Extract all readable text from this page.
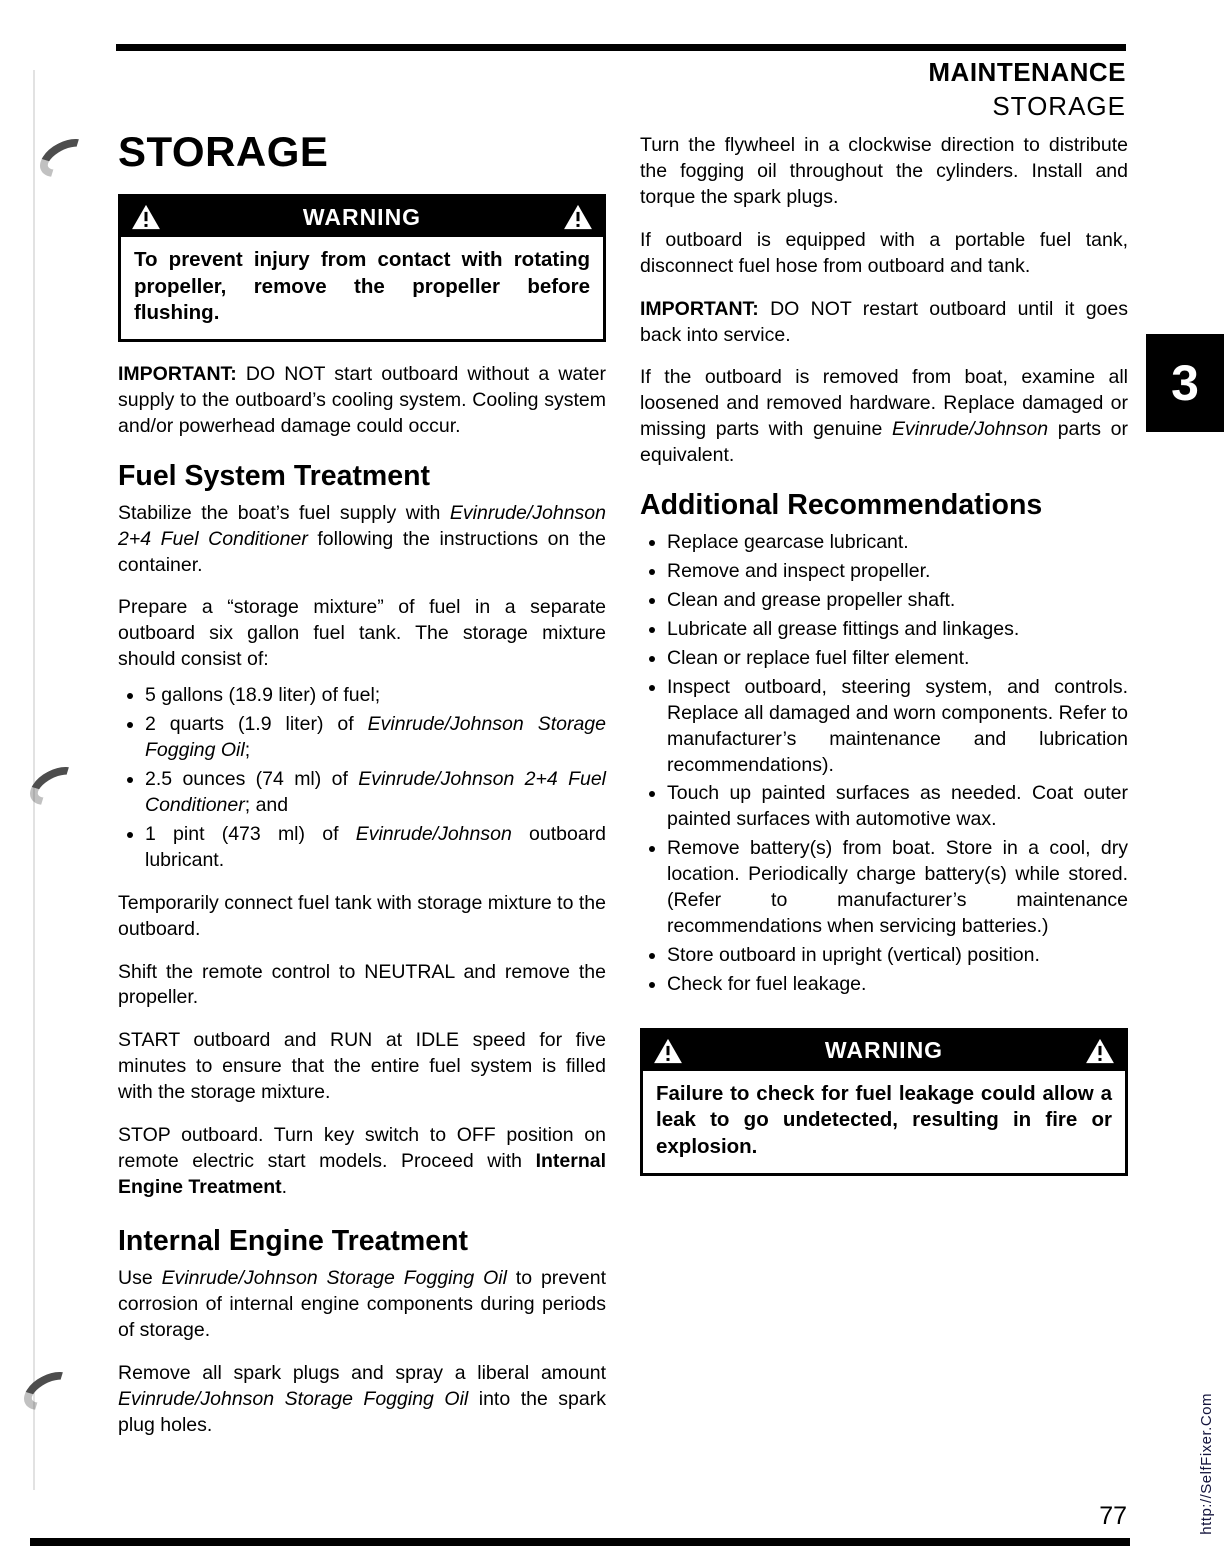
MAINTENANCE
STORAGE
STORAGE
WARNING
To prevent injury from contact with rotating propeller, remove the propeller before flushing.

IMPORTANT: DO NOT start outboard without a water supply to the outboard’s cooling system. Cooling system and/or powerhead damage could occur.

Fuel System Treatment

Stabilize the boat’s fuel supply with Evinrude/Johnson 2+4 Fuel Conditioner following the instructions on the container.

Prepare a “storage mixture” of fuel in a separate outboard six gallon fuel tank. The storage mixture should consist of:

• 5 gallons (18.9 liter) of fuel;
• 2 quarts (1.9 liter) of Evinrude/Johnson Storage Fogging Oil;
• 2.5 ounces (74 ml) of Evinrude/Johnson 2+4 Fuel Conditioner; and
• 1 pint (473 ml) of Evinrude/Johnson outboard lubricant.

Temporarily connect fuel tank with storage mixture to the outboard.

Shift the remote control to NEUTRAL and remove the propeller.

START outboard and RUN at IDLE speed for five minutes to ensure that the entire fuel system is filled with the storage mixture.

STOP outboard. Turn key switch to OFF position on remote electric start models. Proceed with Internal Engine Treatment.

Internal Engine Treatment

Use Evinrude/Johnson Storage Fogging Oil to prevent corrosion of internal engine components during periods of storage.

Remove all spark plugs and spray a liberal amount Evinrude/Johnson Storage Fogging Oil into the spark plug holes.

Turn the flywheel in a clockwise direction to distribute the fogging oil throughout the cylinders. Install and torque the spark plugs.

If outboard is equipped with a portable fuel tank, disconnect fuel hose from outboard and tank.

IMPORTANT: DO NOT restart outboard until it goes back into service.

If the outboard is removed from boat, examine all loosened and removed hardware. Replace damaged or missing parts with genuine Evinrude/Johnson parts or equivalent.

Additional Recommendations
• Replace gearcase lubricant.
• Remove and inspect propeller.
• Clean and grease propeller shaft.
• Lubricate all grease fittings and linkages.
• Clean or replace fuel filter element.
• Inspect outboard, steering system, and controls. Replace all damaged and worn components. Refer to manufacturer’s maintenance and lubrication recommendations).
• Touch up painted surfaces as needed. Coat outer painted surfaces with automotive wax.
• Remove battery(s) from boat. Store in a cool, dry location. Periodically charge battery(s) while stored. (Refer to manufacturer’s maintenance recommendations when servicing batteries.)
• Store outboard in upright (vertical) position.
• Check for fuel leakage.
WARNING
Failure to check for fuel leakage could allow a leak to go undetected, resulting in fire or explosion.
3
http://SelfFixer.Com
77
